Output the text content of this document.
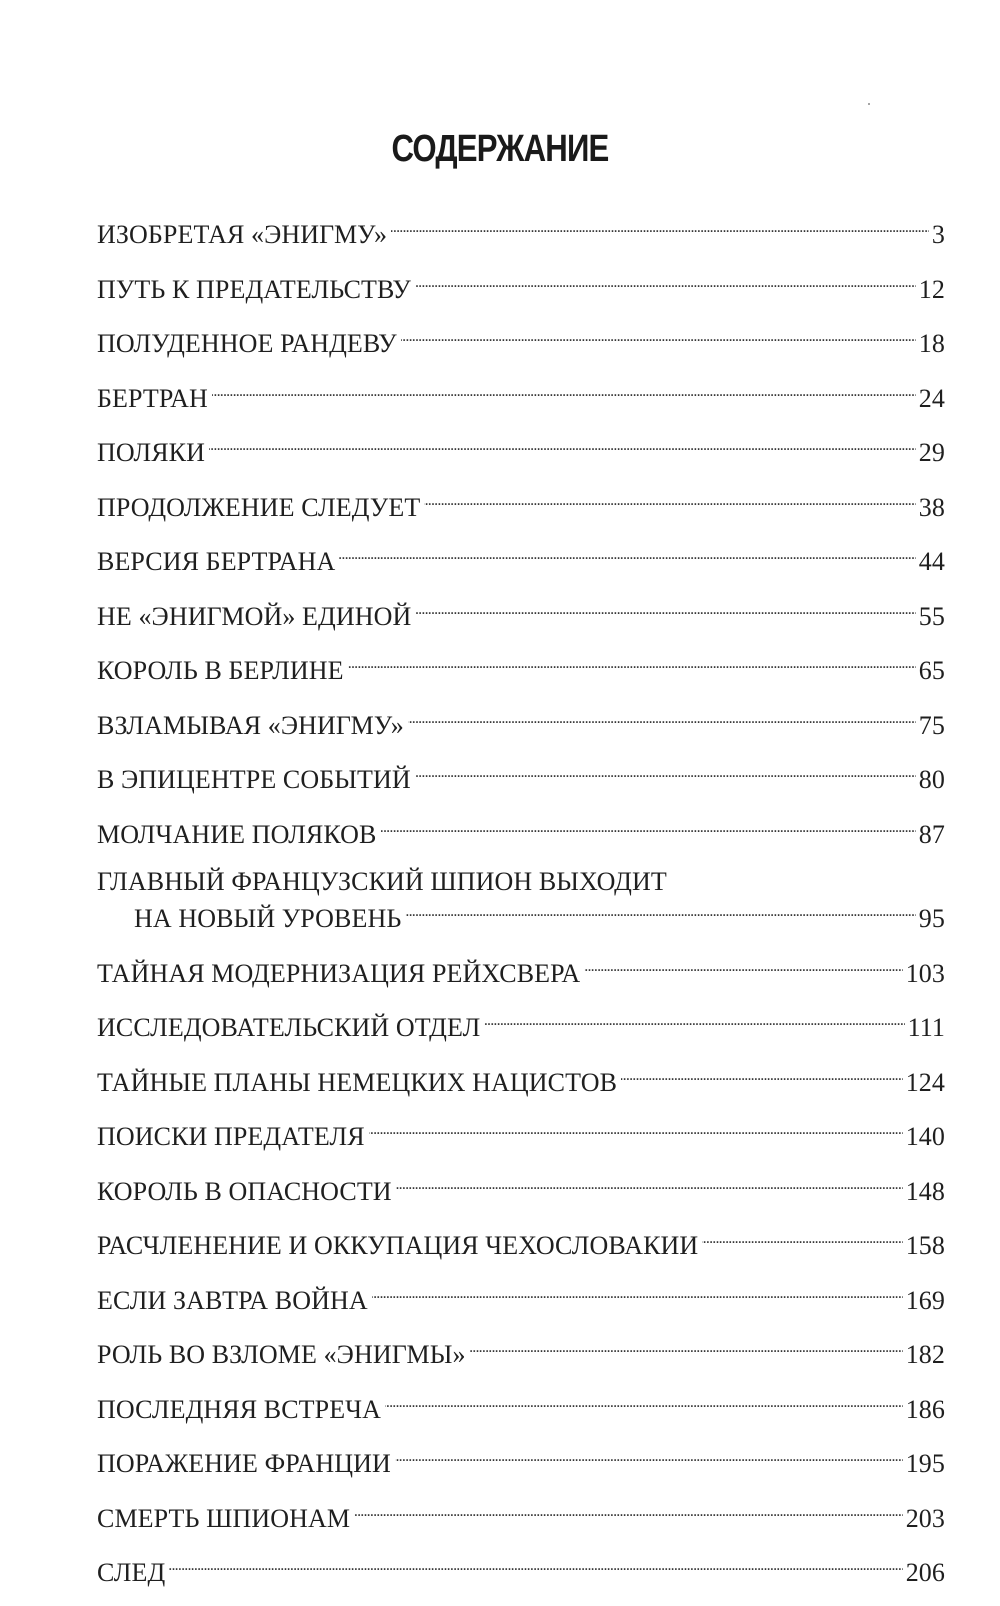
СОДЕРЖАНИЕ
ИЗОБРЕТАЯ «ЭНИГМУ» . . .	3
ПУТЬ К ПРЕДАТЕЛЬСТВУ . . .	12
ПОЛУДЕННОЕ РАНДЕВУ . . .	18
БЕРТРАН . . .	24
ПОЛЯКИ . . .	29
ПРОДОЛЖЕНИЕ СЛЕДУЕТ . . .	38
ВЕРСИЯ БЕРТРАНА . . .	44
НЕ «ЭНИГМОЙ» ЕДИНОЙ . . .	55
КОРОЛЬ В БЕРЛИНЕ . . .	65
ВЗЛАМЫВАЯ «ЭНИГМУ» . . .	75
В ЭПИЦЕНТРЕ СОБЫТИЙ . . .	80
МОЛЧАНИЕ ПОЛЯКОВ . . .	87
ГЛАВНЫЙ ФРАНЦУЗСКИЙ ШПИОН ВЫХОДИТ
НА НОВЫЙ УРОВЕНЬ . . .	95
ТАЙНАЯ МОДЕРНИЗАЦИЯ РЕЙХСВЕРА . . .	103
ИССЛЕДОВАТЕЛЬСКИЙ ОТДЕЛ . . .	111
ТАЙНЫЕ ПЛАНЫ НЕМЕЦКИХ НАЦИСТОВ . . .	124
ПОИСКИ ПРЕДАТЕЛЯ . . .	140
КОРОЛЬ В ОПАСНОСТИ . . .	148
РАСЧЛЕНЕНИЕ И ОККУПАЦИЯ ЧЕХОСЛОВАКИИ . . .	158
ЕСЛИ ЗАВТРА ВОЙНА . . .	169
РОЛЬ ВО ВЗЛОМЕ «ЭНИГМЫ» . . .	182
ПОСЛЕДНЯЯ ВСТРЕЧА . . .	186
ПОРАЖЕНИЕ ФРАНЦИИ . . .	195
СМЕРТЬ ШПИОНАМ . . .	203
СЛЕД . . .	206
